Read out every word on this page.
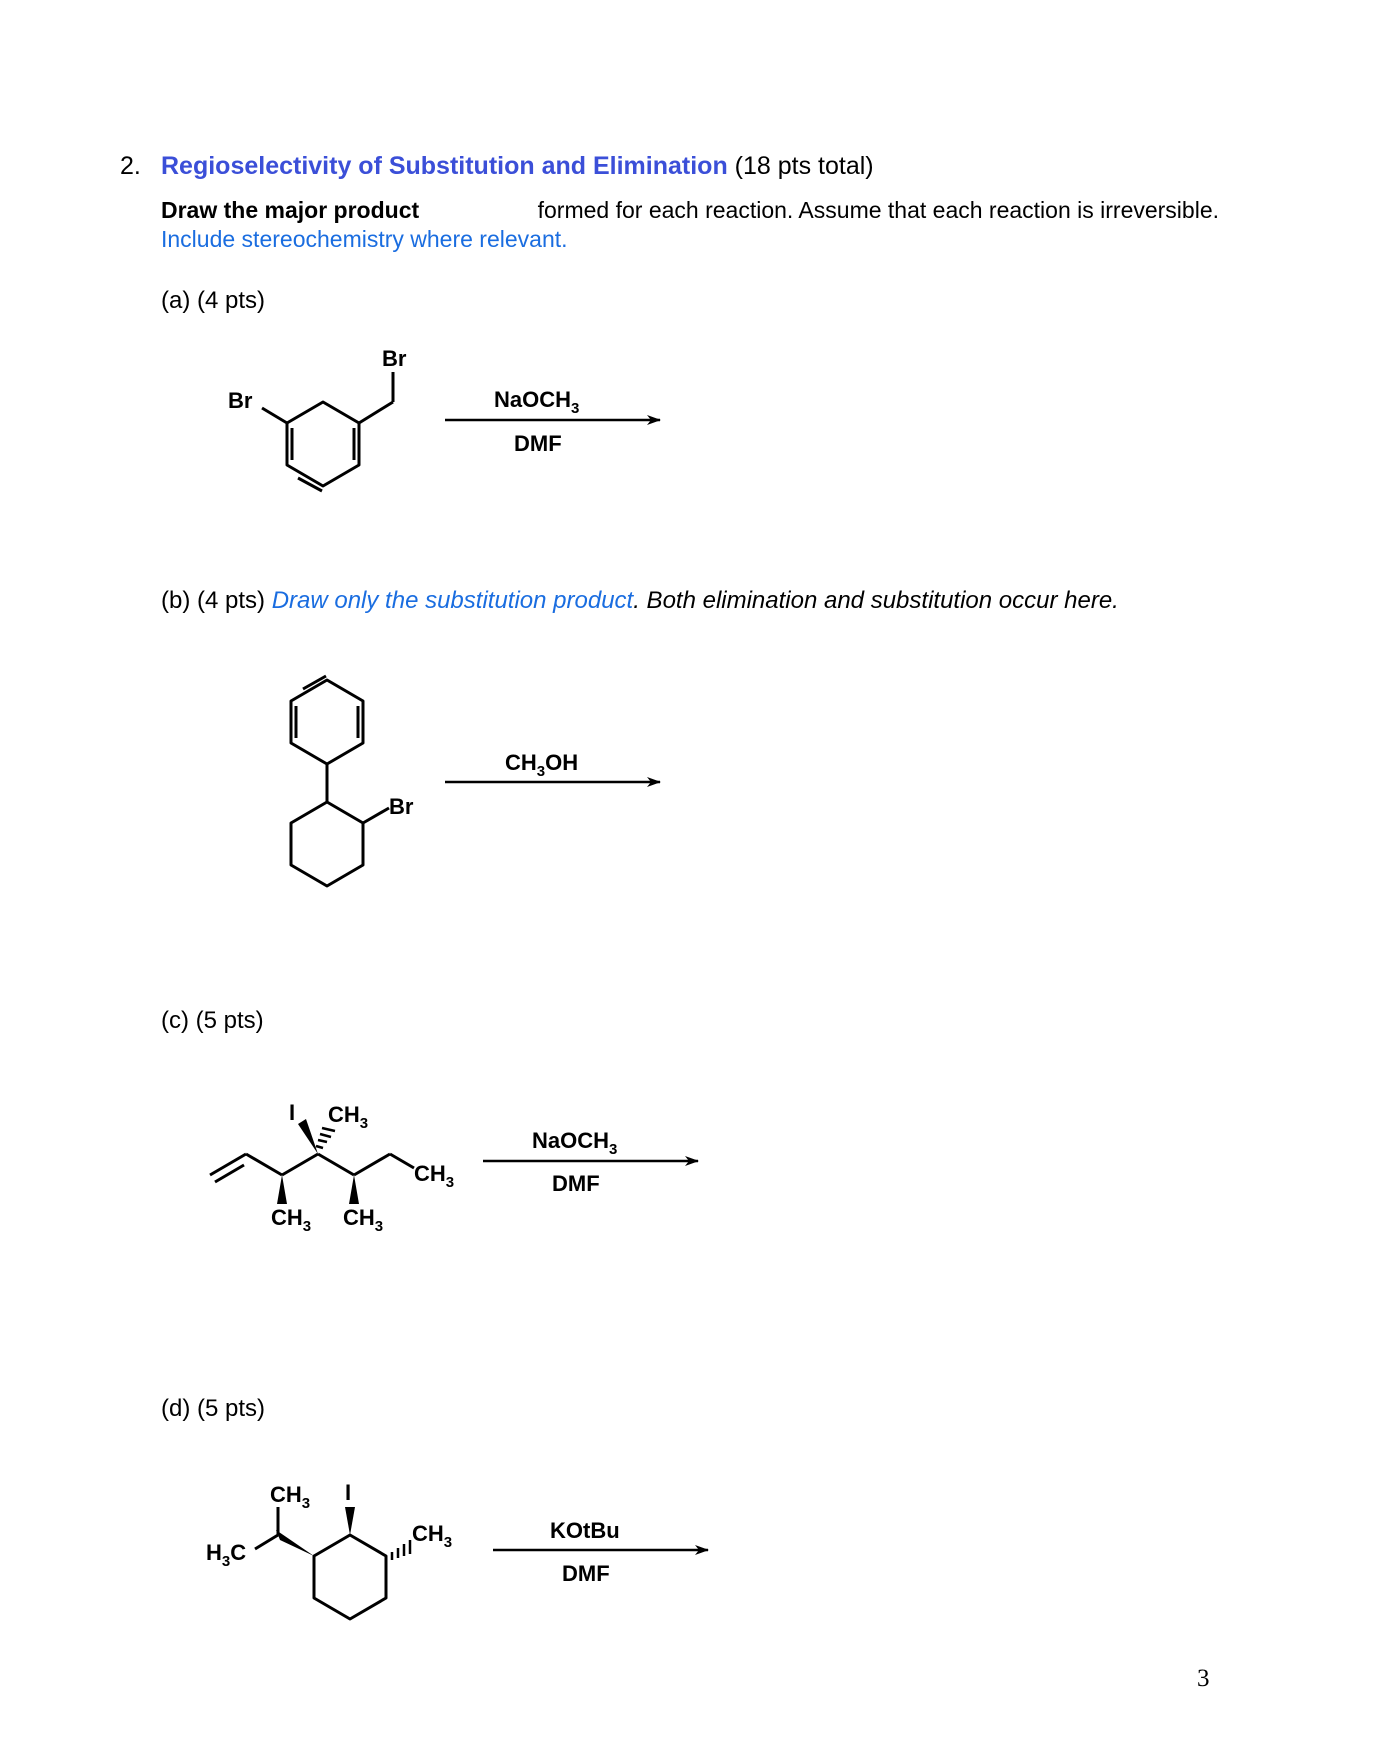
2. Regioselectivity of Substitution and Elimination (18 pts total)
Draw the major product	formed for each reaction. Assume that each reaction is irreversible.
Include stereochemistry where relevant.
(a) (4 pts)
(b) (4 pts) Draw only the substitution product. Both elimination and substitution occur here.
(c) (5 pts)
(d) (5 pts)
Br
Br
NaOCH$_3$
DMF
Br
$CH_3OH$
I $CH_3$
$CH_3$
$CH_3$ $CH_3$
NaOCH$_3$
DMF
I
$CH_3$
$H_3C$
$CH_3$	KOtBu
DMF
3
